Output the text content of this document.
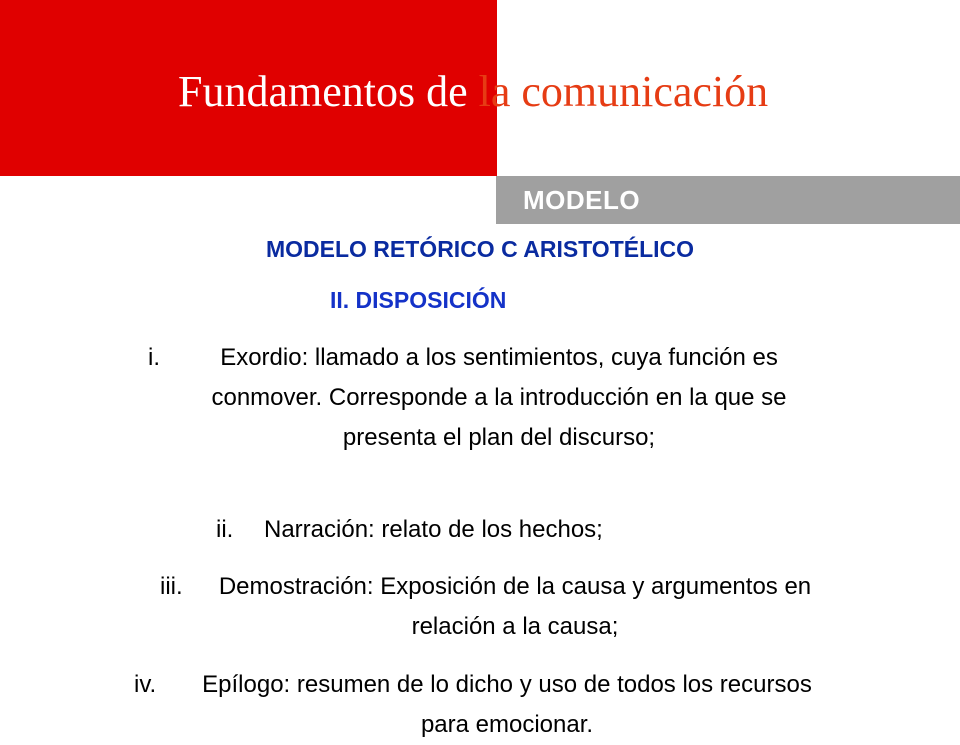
Fundamentos de la comunicación
MODELO
MODELO RETÓRICO C ARISTOTÉLICO
II. DISPOSICIÓN
i.	Exordio: llamado a los sentimientos, cuya función es conmover. Corresponde a la introducción en la que se presenta el plan del discurso;
ii. Narración: relato de los hechos;
iii.	Demostración: Exposición de la causa y argumentos en relación a la causa;
iv.	Epílogo: resumen de lo dicho y uso de todos los recursos para emocionar.
